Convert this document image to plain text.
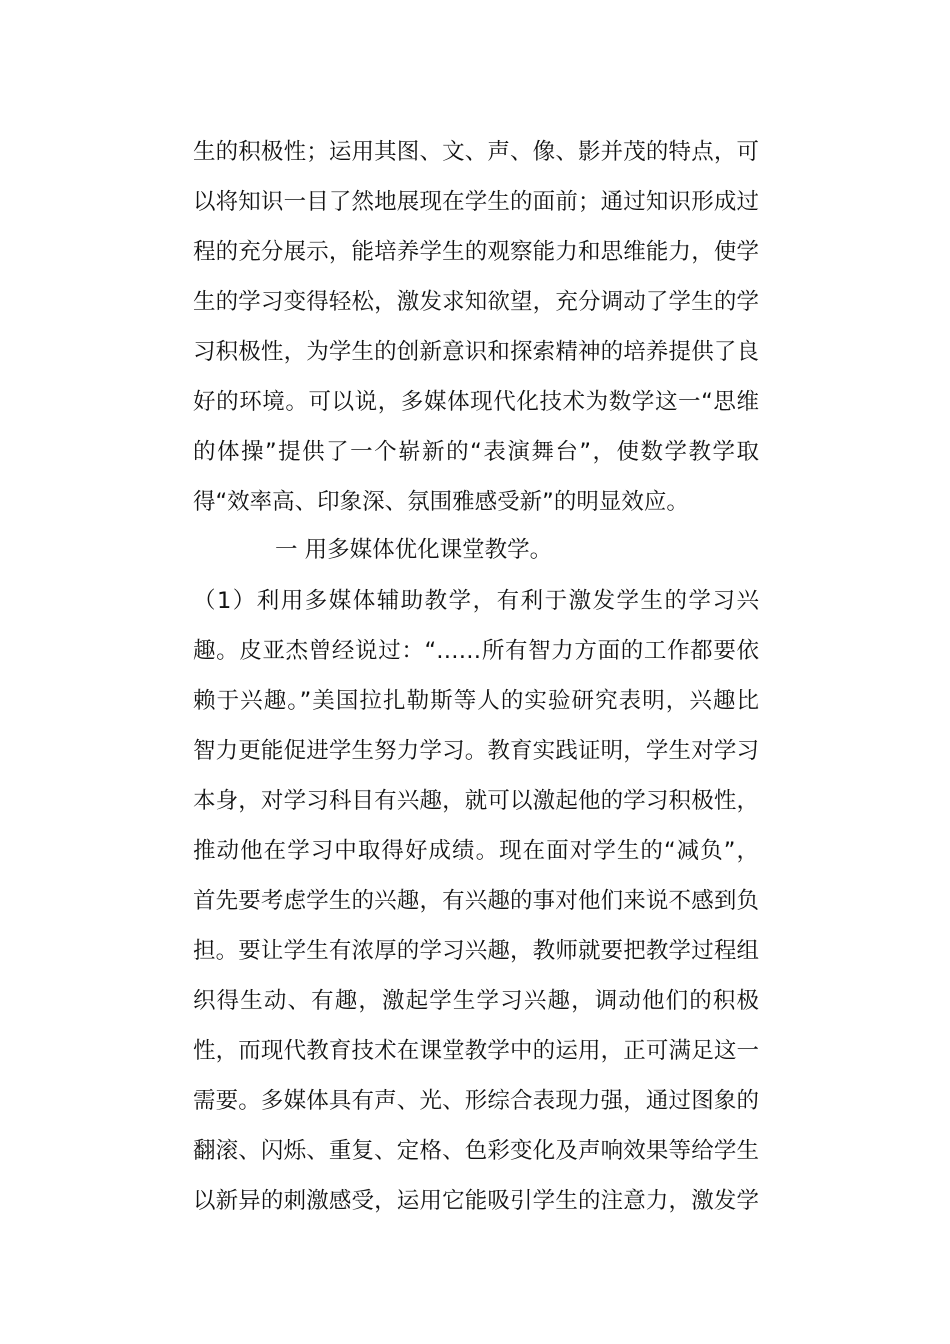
生的积极性；运用其图、文、声、像、影并茂的特点，可
以将知识一目了然地展现在学生的面前；通过知识形成过
程的充分展示，能培养学生的观察能力和思维能力，使学
生的学习变得轻松，激发求知欲望，充分调动了学生的学
习积极性，为学生的创新意识和探索精神的培养提供了良
好的环境。可以说，多媒体现代化技术为数学这一“思维
的体操”提供了一个崭新的“表演舞台”，使数学教学取
得“效率高、印象深、氛围雅感受新”的明显效应。
一 用多媒体优化课堂教学。
（1）利用多媒体辅助教学，有利于激发学生的学习兴
趣。皮亚杰曾经说过：“……所有智力方面的工作都要依
赖于兴趣。”美国拉扎勒斯等人的实验研究表明，兴趣比
智力更能促进学生努力学习。教育实践证明，学生对学习
本身，对学习科目有兴趣，就可以激起他的学习积极性，
推动他在学习中取得好成绩。现在面对学生的“减负”，
首先要考虑学生的兴趣，有兴趣的事对他们来说不感到负
担。要让学生有浓厚的学习兴趣，教师就要把教学过程组
织得生动、有趣，激起学生学习兴趣，调动他们的积极
性，而现代教育技术在课堂教学中的运用，正可满足这一
需要。多媒体具有声、光、形综合表现力强，通过图象的
翻滚、闪烁、重复、定格、色彩变化及声响效果等给学生
以新异的刺激感受，运用它能吸引学生的注意力，激发学
